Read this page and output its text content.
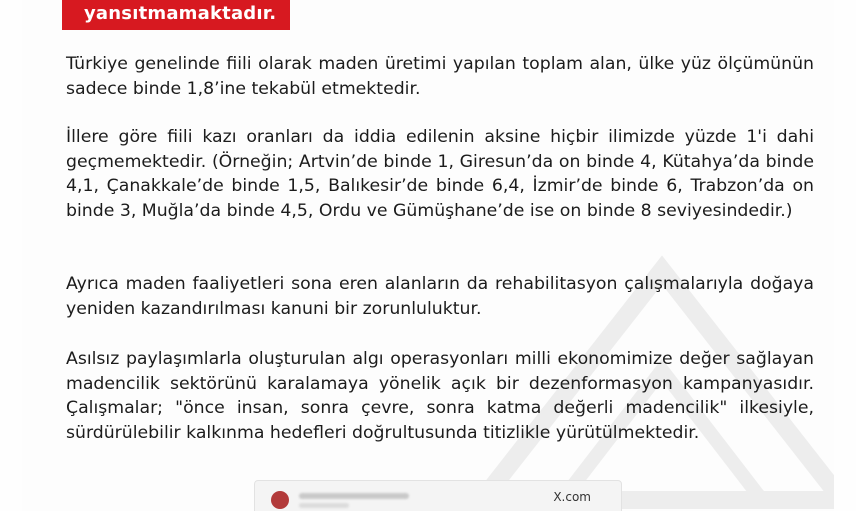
yansıtmamaktadır.
Türkiye genelinde fiili olarak maden üretimi yapılan toplam alan, ülke yüz ölçümünün sadece binde 1,8’ine tekabül etmektedir.
İllere göre fiili kazı oranları da iddia edilenin aksine hiçbir ilimizde yüzde 1'i dahi geçmemektedir. (Örneğin; Artvin’de binde 1, Giresun’da on binde 4, Kütahya’da binde 4,1, Çanakkale’de binde 1,5, Balıkesir’de binde 6,4, İzmir’de binde 6, Trabzon’da on binde 3, Muğla’da binde 4,5, Ordu ve Gümüşhane’de ise on binde 8 seviyesindedir.)
Ayrıca maden faaliyetleri sona eren alanların da rehabilitasyon çalışmalarıyla doğaya yeniden kazandırılması kanuni bir zorunluluktur.
Asılsız paylaşımlarla oluşturulan algı operasyonları milli ekonomimize değer sağlayan madencilik sektörünü karalamaya yönelik açık bir dezenformasyon kampanyasıdır. Çalışmalar; "önce insan, sonra çevre, sonra katma değerli madencilik" ilkesiyle, sürdürülebilir kalkınma hedefleri doğrultusunda titizlikle yürütülmektedir.
X.com
